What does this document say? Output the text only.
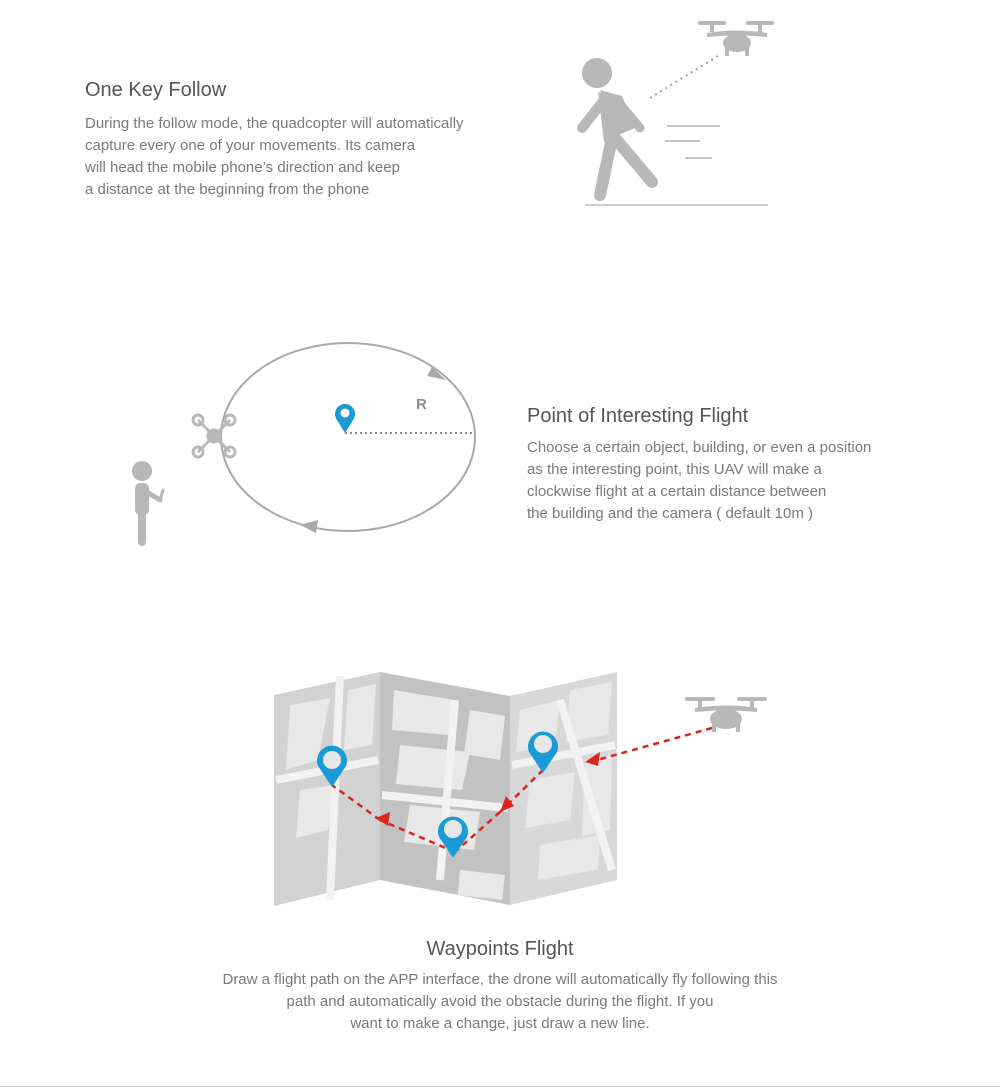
One Key Follow

During the follow mode, the quadcopter will automatically
capture every one of your movements. Its camera
will head the mobile phone’s direction and keep
a distance at the beginning from the phone

R
Point of Interesting Flight

Choose a certain object, building, or even a position
as the interesting point, this UAV will make a
clockwise flight at a certain distance between
the building and the camera ( default 10m )

Waypoints Flight

Draw a flight path on the APP interface, the drone will automatically fly following this
path and automatically avoid the obstacle during the flight. If you
want to make a change, just draw a new line.
